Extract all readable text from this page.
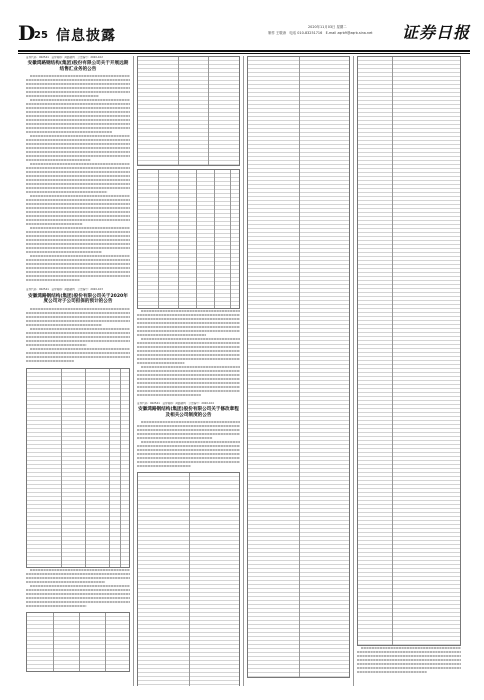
D
25 信息披露
2020年11月03日 星期二
制作 王敬涛　电话 010-83251716　E-mail zqrb9@zqrb.sina.net 证券日报
证券代码：002541　证券简称：鸿路钢构　公告编号：2020-102
安徽鸿路钢结构(集团)股份有限公司关于开展远期结售汇业务的公告
证券代码：002541　证券简称：鸿路钢构　公告编号：2020-103
安徽鸿路钢结构(集团)股份有限公司关于2020年度公司对子公司担保的预计的公告
证券代码：002541　证券简称：鸿路钢构　公告编号：2020-104
安徽鸿路钢结构(集团)股份有限公司关于修改章程及相关公司制度的公告
